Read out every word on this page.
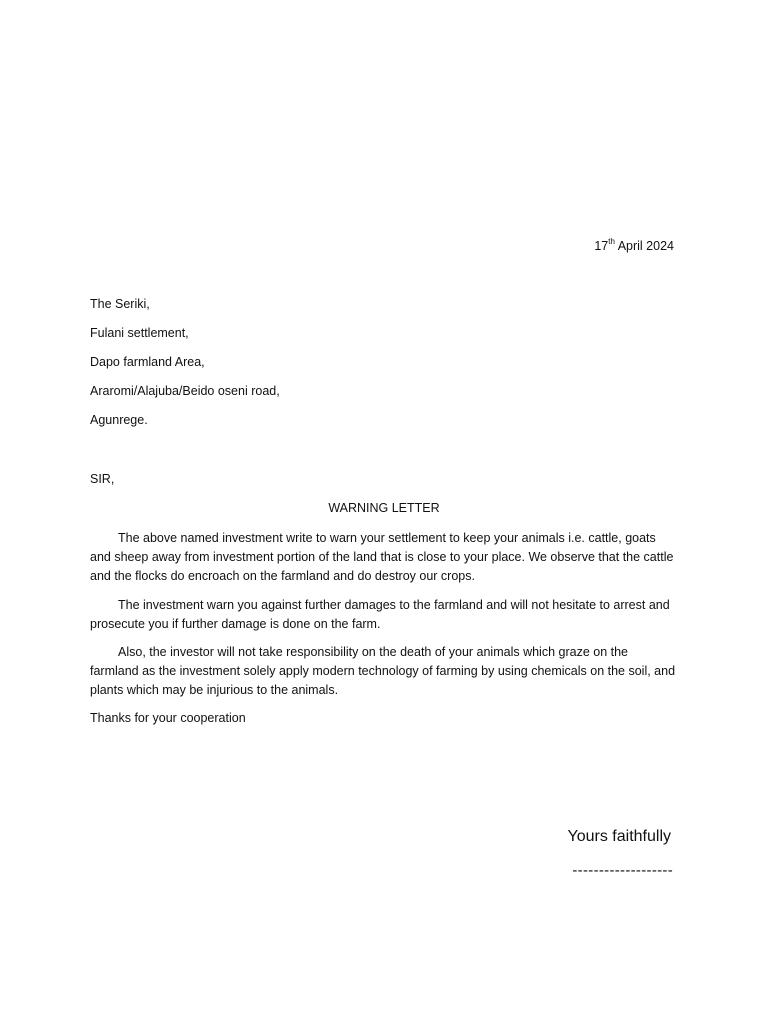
17th April 2024
The Seriki,
Fulani settlement,
Dapo farmland Area,
Araromi/Alajuba/Beido oseni road,
Agunrege.
SIR,
WARNING LETTER
The above named investment write to warn your settlement to keep your animals i.e. cattle, goats and sheep away from investment portion of the land that is close to your place. We observe that the cattle and the flocks do encroach on the farmland and do destroy our crops.
The investment warn you against further damages to the farmland and will not hesitate to arrest and prosecute you if further damage is done on the farm.
Also, the investor will not take responsibility on the death of your animals which graze on the farmland as the investment solely apply modern technology of farming by using chemicals on the soil, and plants which may be injurious to the animals.
Thanks for your cooperation
Yours faithfully
-------------------
